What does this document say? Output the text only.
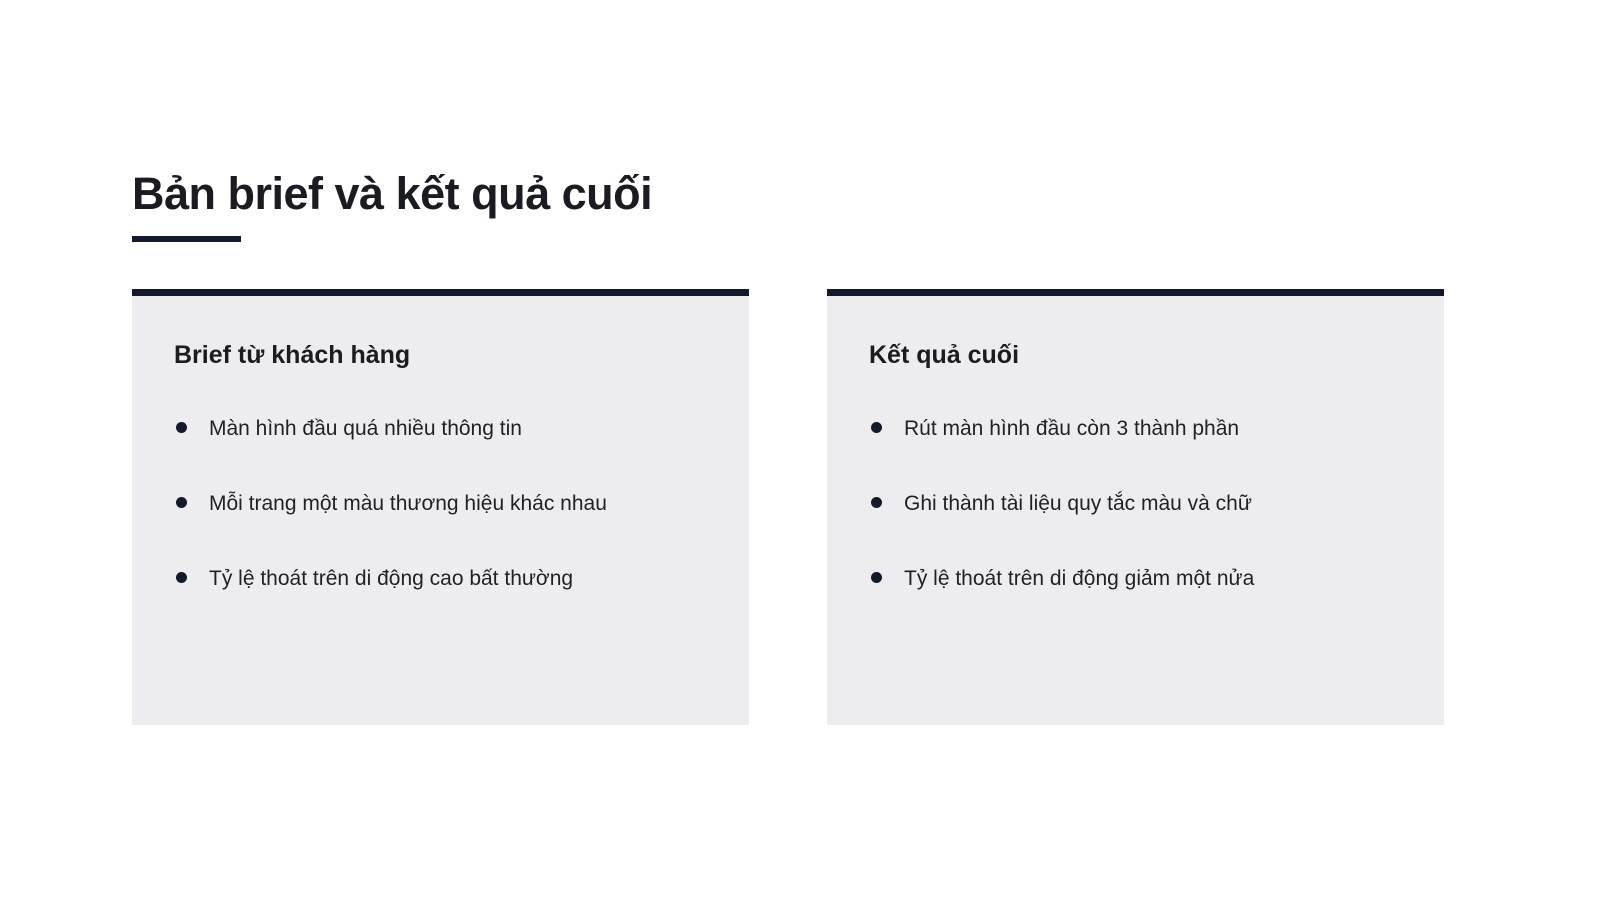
Bản brief và kết quả cuối
Brief từ khách hàng
Màn hình đầu quá nhiều thông tin
Mỗi trang một màu thương hiệu khác nhau
Tỷ lệ thoát trên di động cao bất thường
Kết quả cuối
Rút màn hình đầu còn 3 thành phần
Ghi thành tài liệu quy tắc màu và chữ
Tỷ lệ thoát trên di động giảm một nửa
